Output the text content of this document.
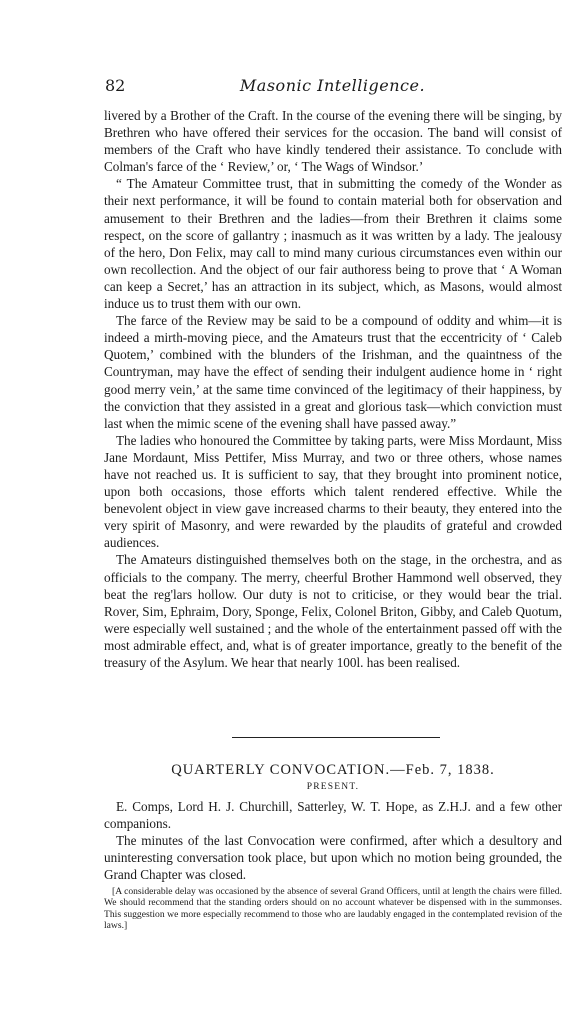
82	Masonic Intelligence.

livered by a Brother of the Craft. In the course of the evening there will be singing, by Brethren who have offered their services for the occasion. The band will consist of members of the Craft who have kindly tendered their assistance. To conclude with Colman's farce of the ‘ Review,’ or, ‘ The Wags of Windsor.’

“ The Amateur Committee trust, that in submitting the comedy of the Wonder as their next performance, it will be found to contain material both for observation and amusement to their Brethren and the ladies—from their Brethren it claims some respect, on the score of gallantry ; inasmuch as it was written by a lady. The jealousy of the hero, Don Felix, may call to mind many curious circumstances even within our own recollection. And the object of our fair authoress being to prove that ‘ A Woman can keep a Secret,’ has an attraction in its subject, which, as Masons, would almost induce us to trust them with our own.

The farce of the Review may be said to be a compound of oddity and whim—it is indeed a mirth-moving piece, and the Amateurs trust that the eccentricity of ‘ Caleb Quotem,’ combined with the blunders of the Irishman, and the quaintness of the Countryman, may have the effect of sending their indulgent audience home in ‘ right good merry vein,’ at the same time convinced of the legitimacy of their happiness, by the conviction that they assisted in a great and glorious task—which conviction must last when the mimic scene of the evening shall have passed away.”

The ladies who honoured the Committee by taking parts, were Miss Mordaunt, Miss Jane Mordaunt, Miss Pettifer, Miss Murray, and two or three others, whose names have not reached us. It is sufficient to say, that they brought into prominent notice, upon both occasions, those efforts which talent rendered effective. While the benevolent object in view gave increased charms to their beauty, they entered into the very spirit of Masonry, and were rewarded by the plaudits of grateful and crowded audiences.

The Amateurs distinguished themselves both on the stage, in the orchestra, and as officials to the company. The merry, cheerful Brother Hammond well observed, they beat the reg'lars hollow. Our duty is not to criticise, or they would bear the trial. Rover, Sim, Ephraim, Dory, Sponge, Felix, Colonel Briton, Gibby, and Caleb Quotum, were especially well sustained ; and the whole of the entertainment passed off with the most admirable effect, and, what is of greater importance, greatly to the benefit of the treasury of the Asylum. We hear that nearly 100l. has been realised.

QUARTERLY CONVOCATION.—Feb. 7, 1838.
PRESENT.

E. Comps, Lord H. J. Churchill, Satterley, W. T. Hope, as Z.H.J. and a few other companions.

The minutes of the last Convocation were confirmed, after which a desultory and uninteresting conversation took place, but upon which no motion being grounded, the Grand Chapter was closed.

[A considerable delay was occasioned by the absence of several Grand Officers, until at length the chairs were filled. We should recommend that the standing orders should on no account whatever be dispensed with in the summonses. This suggestion we more especially recommend to those who are laudably engaged in the contemplated revision of the laws.]
